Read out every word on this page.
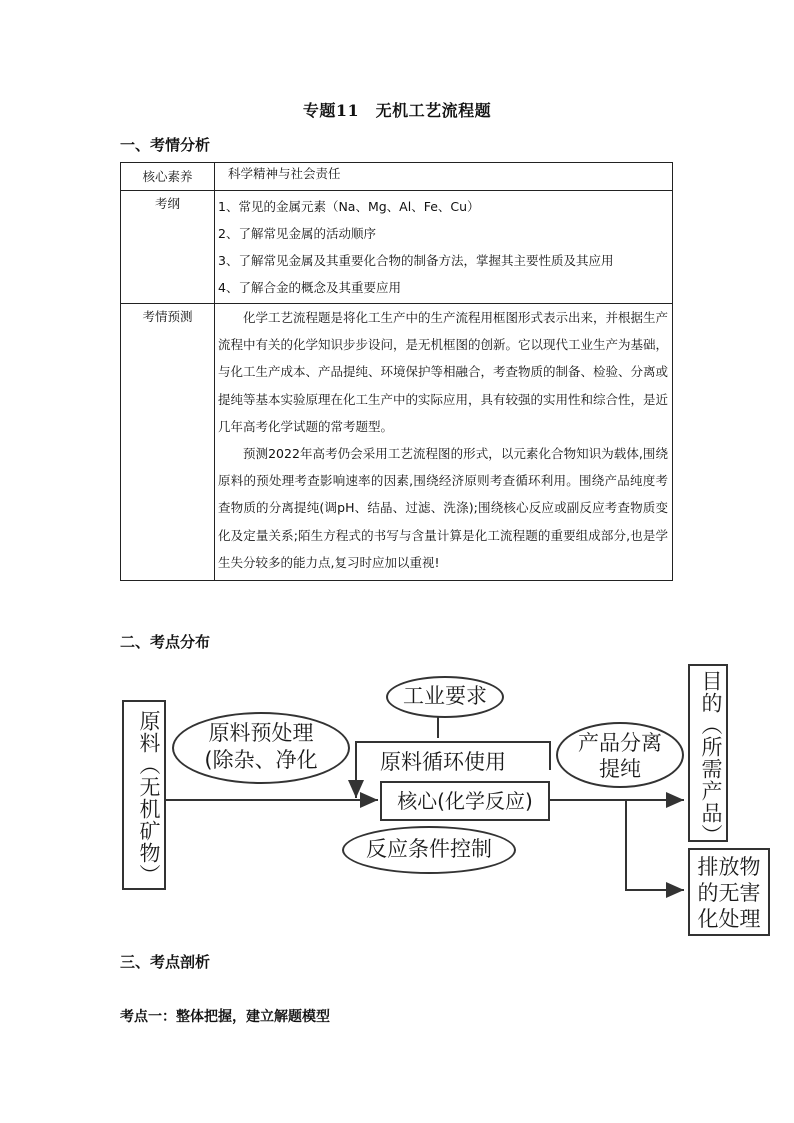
专题11　无机工艺流程题
一、考情分析
核心素养	科学精神与社会责任
考纲	1、常见的金属元素（Na、Mg、Al、Fe、Cu）
2、了解常见金属的活动顺序
3、了解常见金属及其重要化合物的制备方法，掌握其主要性质及其应用
4、了解合金的概念及其重要应用

考情预测	化学工艺流程题是将化工生产中的生产流程用框图形式表示出来，并根据生产流程中有关的化学知识步步设问，是无机框图的创新。它以现代工业生产为基础，与化工生产成本、产品提纯、环境保护等相融合，考查物质的制备、检验、分离或提纯等基本实验原理在化工生产中的实际应用，具有较强的实用性和综合性，是近几年高考化学试题的常考题型。

预测2022年高考仍会采用工艺流程图的形式，以元素化合物知识为载体,围绕原料的预处理考查影响速率的因素,围绕经济原则考查循环利用。围绕产品纯度考查物质的分离提纯(调pH、结晶、过滤、洗涤);围绕核心反应或副反应考查物质变化及定量关系;陌生方程式的书写与含量计算是化工流程题的重要组成部分,也是学生失分较多的能力点,复习时应加以重视!

二、考点分布
原料（无机矿物）	原料预处理
(除杂、净化
工业要求
原料循环使用
核心(化学反应)
反应条件控制
产品分离
提纯	目的（所需产品）
排放物
的无害
化处理
三、考点剖析
考点一：整体把握，建立解题模型
